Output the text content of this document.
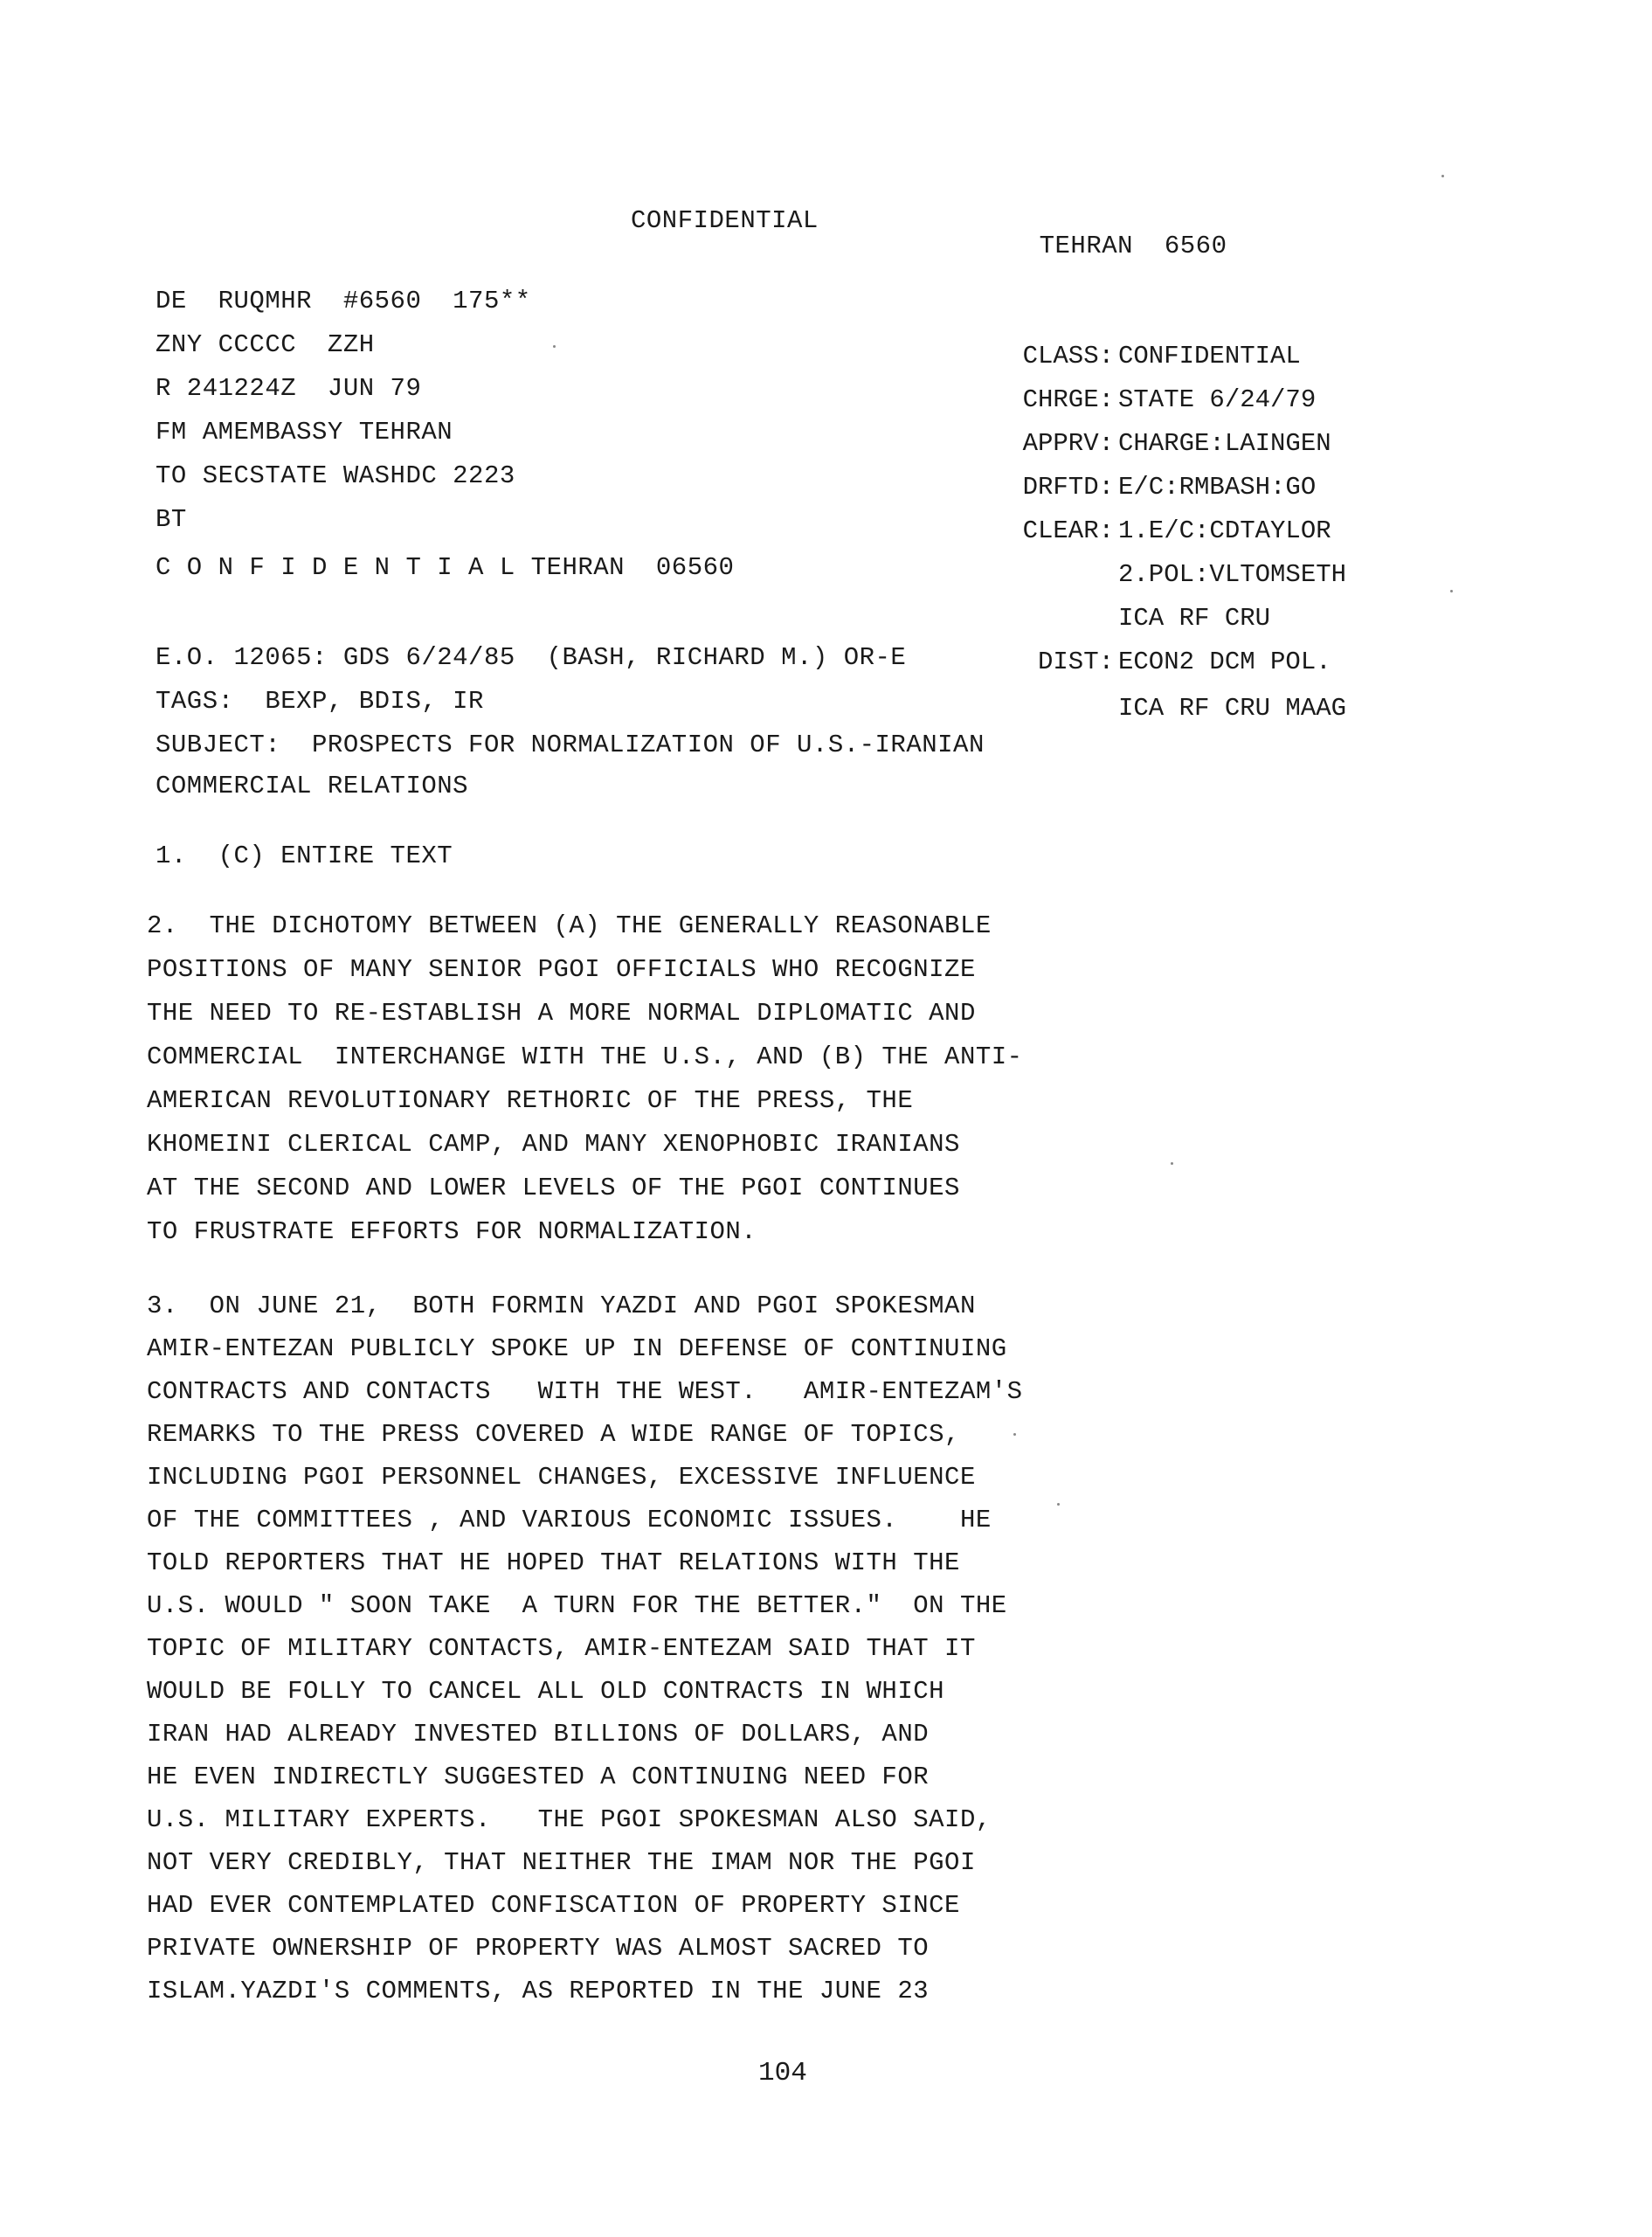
CONFIDENTIAL

TEHRAN 6560

DE  RUQMHR  #6560  175**
ZNY CCCCC  ZZH
R 241224Z  JUN 79
FM AMEMBASSY TEHRAN
TO SECSTATE WASHDC 2223
BT
C O N F I D E N T I A L TEHRAN  06560
CLASS: CONFIDENTIAL
CHRGE: STATE 6/24/79
APPRV: CHARGE:LAINGEN
DRFTD: E/C:RMBASH:GO
CLEAR: 1.E/C:CDTAYLOR
2.POL:VLTOMSETH
ICA RF CRU
DIST: ECON2 DCM POL.
ICA RF CRU MAAG
E.O. 12065: GDS 6/24/85  (BASH, RICHARD M.) OR-E
TAGS:  BEXP, BDIS, IR
SUBJECT:  PROSPECTS FOR NORMALIZATION OF U.S.-IRANIAN
COMMERCIAL RELATIONS
1.  (C) ENTIRE TEXT
2.  THE DICHOTOMY BETWEEN (A) THE GENERALLY REASONABLE
POSITIONS OF MANY SENIOR PGOI OFFICIALS WHO RECOGNIZE
THE NEED TO RE-ESTABLISH A MORE NORMAL DIPLOMATIC AND
COMMERCIAL  INTERCHANGE WITH THE U.S., AND (B) THE ANTI-
AMERICAN REVOLUTIONARY RETHORIC OF THE PRESS, THE
KHOMEINI CLERICAL CAMP, AND MANY XENOPHOBIC IRANIANS
AT THE SECOND AND LOWER LEVELS OF THE PGOI CONTINUES
TO FRUSTRATE EFFORTS FOR NORMALIZATION.
3.  ON JUNE 21,  BOTH FORMIN YAZDI AND PGOI SPOKESMAN
AMIR-ENTEZAN PUBLICLY SPOKE UP IN DEFENSE OF CONTINUING
CONTRACTS AND CONTACTS   WITH THE WEST.   AMIR-ENTEZAM'S
REMARKS TO THE PRESS COVERED A WIDE RANGE OF TOPICS,
INCLUDING PGOI PERSONNEL CHANGES, EXCESSIVE INFLUENCE
OF THE COMMITTEES , AND VARIOUS ECONOMIC ISSUES.    HE
TOLD REPORTERS THAT HE HOPED THAT RELATIONS WITH THE
U.S. WOULD " SOON TAKE  A TURN FOR THE BETTER."  ON THE
TOPIC OF MILITARY CONTACTS, AMIR-ENTEZAM SAID THAT IT
WOULD BE FOLLY TO CANCEL ALL OLD CONTRACTS IN WHICH
IRAN HAD ALREADY INVESTED BILLIONS OF DOLLARS, AND
HE EVEN INDIRECTLY SUGGESTED A CONTINUING NEED FOR
U.S. MILITARY EXPERTS.   THE PGOI SPOKESMAN ALSO SAID,
NOT VERY CREDIBLY, THAT NEITHER THE IMAM NOR THE PGOI
HAD EVER CONTEMPLATED CONFISCATION OF PROPERTY SINCE
PRIVATE OWNERSHIP OF PROPERTY WAS ALMOST SACRED TO
ISLAM.YAZDI'S COMMENTS, AS REPORTED IN THE JUNE 23
104
